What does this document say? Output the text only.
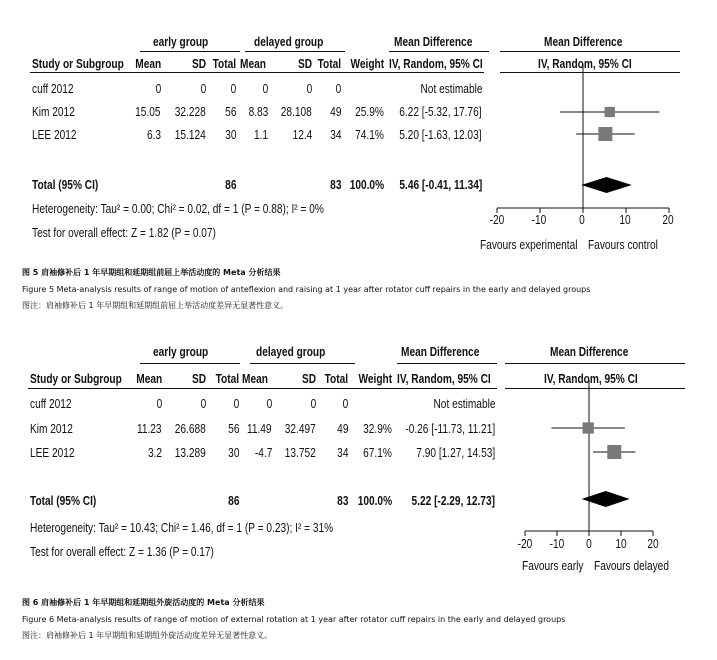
early group	delayed group	Mean Difference	Mean Difference
Study or Subgroup Mean SD Total Mean SD Total Weight IV, Random, 95% CI	IV, Random, 95% CI
cuff 2012	0	0 0 0	0 0	Not estimable
Kim 2012	15.05 32.228 56 8.83 28.108 49 25.9% 6.22 [-5.32, 17.76]
LEE 2012	6.3 15.124 30 1.1 12.4 34 74.1% 5.20 [-1.63, 12.03]
Total (95% CI)	86	83 100.0% 5.46 [-0.41, 11.34]
Heterogeneity: Tau² = 0.00; Chi² = 0.02, df = 1 (P = 0.88); I² = 0%
Test for overall effect: Z = 1.82 (P = 0.07)
-20	-10	0	10	20
Favours experimental Favours control
图 5 肩袖修补后 1 年早期组和延期组前屈上举活动度的 Meta 分析结果
Figure 5 Meta-analysis results of range of motion of anteflexion and raising at 1 year after rotator cuff repairs in the early and delayed groups
图注：肩袖修补后 1 年早期组和延期组前屈上举活动度差异无显著性意义。
early group	delayed group	Mean Difference	Mean Difference
Study or Subgroup Mean SD Total Mean	SD Total Weight IV, Random, 95% CI	IV, Random, 95% CI
cuff 2012	0	0 0 0	0 0	Not estimable
Kim 2012	11.23 26.688 56 11.49 32.497 49 32.9% -0.26 [-11.73, 11.21]
LEE 2012	3.2 13.289 30 -4.7 13.752 34 67.1% 7.90 [1.27, 14.53]
Total (95% CI)	86	83 100.0% 5.22 [-2.29, 12.73]
Heterogeneity: Tau² = 10.43; Chi² = 1.46, df = 1 (P = 0.23); I² = 31%
Test for overall effect: Z = 1.36 (P = 0.17)
-20	-10	0	10	20
Favours early Favours delayed
图 6 肩袖修补后 1 年早期组和延期组外旋活动度的 Meta 分析结果
Figure 6 Meta-analysis results of range of motion of external rotation at 1 year after rotator cuff repairs in the early and delayed groups
图注：肩袖修补后 1 年早期组和延期组外旋活动度差异无显著性意义。
